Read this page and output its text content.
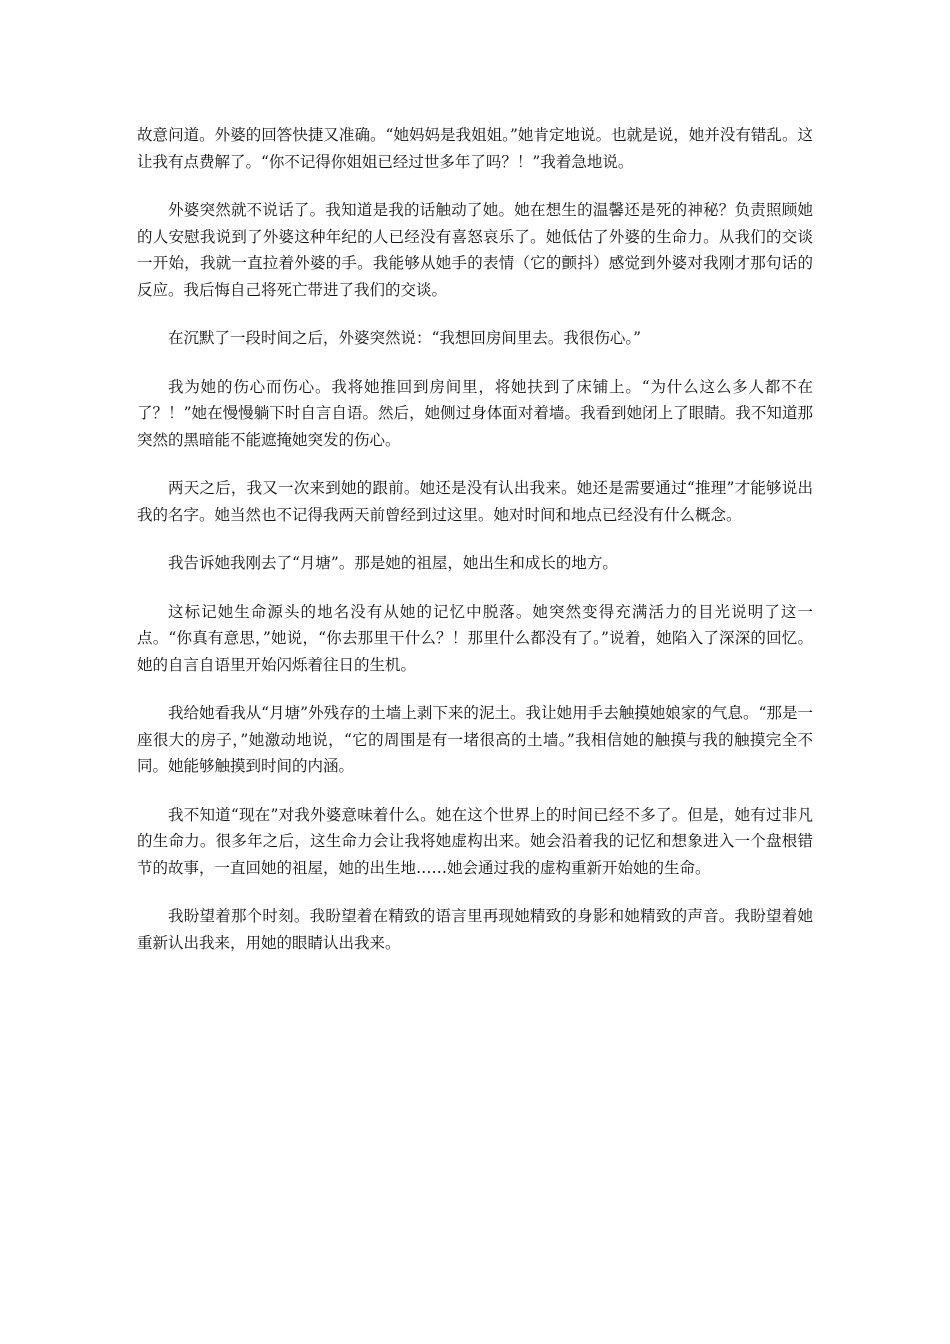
故意问道。外婆的回答快捷又准确。“她妈妈是我姐姐。”她肯定地说。也就是说，她并没有错乱。这让我有点费解了。“你不记得你姐姐已经过世多年了吗？！”我着急地说。

外婆突然就不说话了。我知道是我的话触动了她。她在想生的温馨还是死的神秘？负责照顾她的人安慰我说到了外婆这种年纪的人已经没有喜怒哀乐了。她低估了外婆的生命力。从我们的交谈一开始，我就一直拉着外婆的手。我能够从她手的表情（它的颤抖）感觉到外婆对我刚才那句话的反应。我后悔自己将死亡带进了我们的交谈。

在沉默了一段时间之后，外婆突然说：“我想回房间里去。我很伤心。”

我为她的伤心而伤心。我将她推回到房间里，将她扶到了床铺上。“为什么这么多人都不在了？！”她在慢慢躺下时自言自语。然后，她侧过身体面对着墙。我看到她闭上了眼睛。我不知道那突然的黑暗能不能遮掩她突发的伤心。

两天之后，我又一次来到她的跟前。她还是没有认出我来。她还是需要通过“推理”才能够说出我的名字。她当然也不记得我两天前曾经到过这里。她对时间和地点已经没有什么概念。

我告诉她我刚去了“月塘”。那是她的祖屋，她出生和成长的地方。

这标记她生命源头的地名没有从她的记忆中脱落。她突然变得充满活力的目光说明了这一点。“你真有意思，”她说，“你去那里干什么？！那里什么都没有了。”说着，她陷入了深深的回忆。她的自言自语里开始闪烁着往日的生机。

我给她看我从“月塘”外残存的土墙上剥下来的泥土。我让她用手去触摸她娘家的气息。“那是一座很大的房子，”她激动地说，“它的周围是有一堵很高的土墙。”我相信她的触摸与我的触摸完全不同。她能够触摸到时间的内涵。

我不知道“现在”对我外婆意味着什么。她在这个世界上的时间已经不多了。但是，她有过非凡的生命力。很多年之后，这生命力会让我将她虚构出来。她会沿着我的记忆和想象进入一个盘根错节的故事，一直回她的祖屋，她的出生地……她会通过我的虚构重新开始她的生命。

我盼望着那个时刻。我盼望着在精致的语言里再现她精致的身影和她精致的声音。我盼望着她重新认出我来，用她的眼睛认出我来。
